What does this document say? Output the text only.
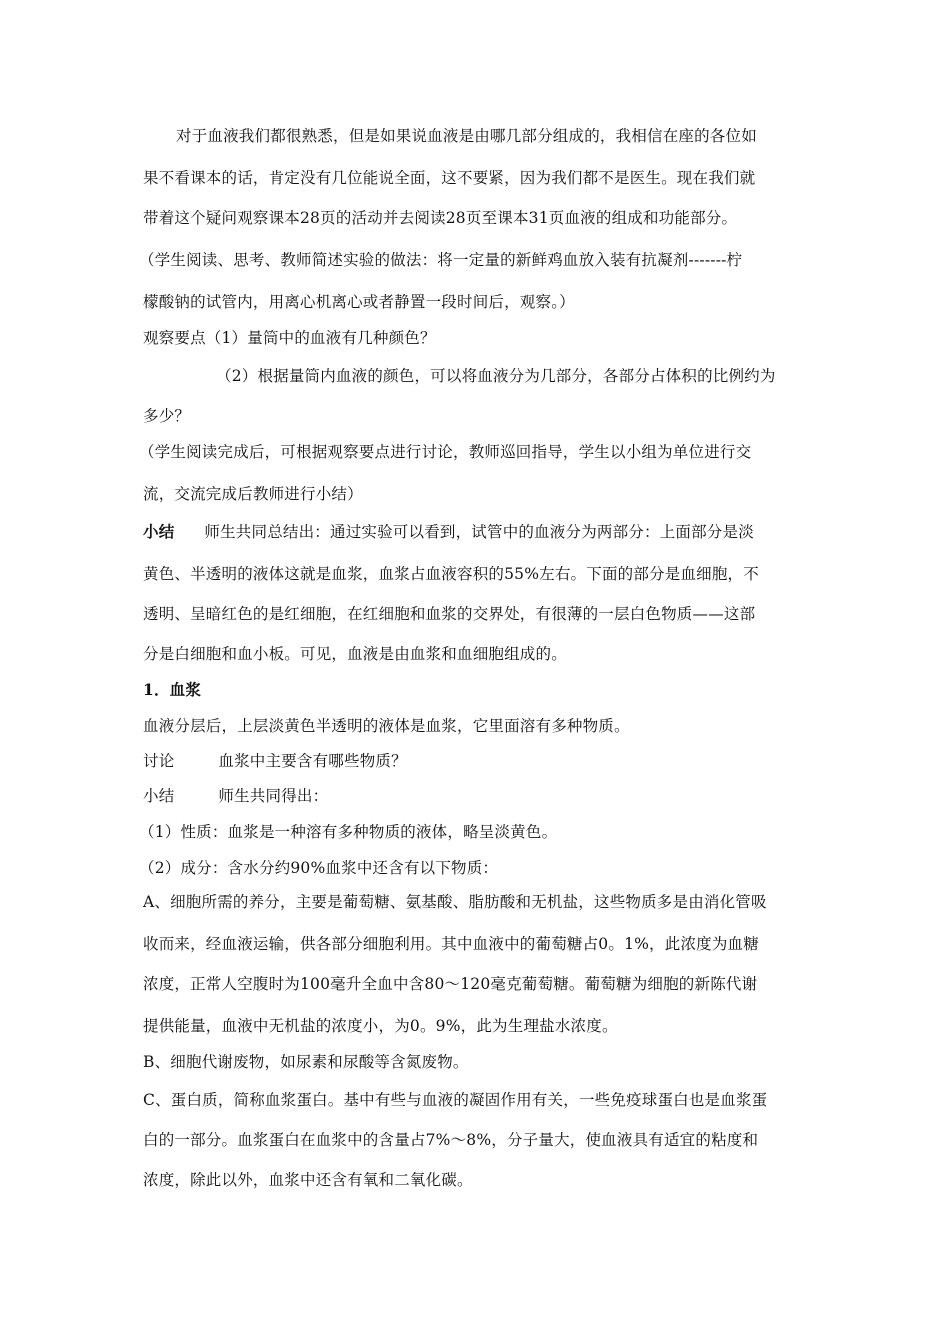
对于血液我们都很熟悉，但是如果说血液是由哪几部分组成的，我相信在座的各位如
果不看课本的话，肯定没有几位能说全面，这不要紧，因为我们都不是医生。现在我们就
带着这个疑问观察课本28页的活动并去阅读28页至课本31页血液的组成和功能部分。
（学生阅读、思考、教师简述实验的做法：将一定量的新鲜鸡血放入装有抗凝剂-------柠
檬酸钠的试管内，用离心机离心或者静置一段时间后，观察。）
观察要点（1）量筒中的血液有几种颜色？
（2）根据量筒内血液的颜色，可以将血液分为几部分，各部分占体积的比例约为
多少？
（学生阅读完成后，可根据观察要点进行讨论，教师巡回指导，学生以小组为单位进行交
流，交流完成后教师进行小结）
小结 师生共同总结出：通过实验可以看到，试管中的血液分为两部分：上面部分是淡
黄色、半透明的液体这就是血浆，血浆占血液容积的55%左右。下面的部分是血细胞，不
透明、呈暗红色的是红细胞，在红细胞和血浆的交界处，有很薄的一层白色物质——这部
分是白细胞和血小板。可见，血液是由血浆和血细胞组成的。
1．血浆
血液分层后，上层淡黄色半透明的液体是血浆，它里面溶有多种物质。
讨论	血浆中主要含有哪些物质？
小结	师生共同得出：
（1）性质：血浆是一种溶有多种物质的液体，略呈淡黄色。
（2）成分：含水分约90%血浆中还含有以下物质：
A、细胞所需的养分，主要是葡萄糖、氨基酸、脂肪酸和无机盐，这些物质多是由消化管吸
收而来，经血液运输，供各部分细胞利用。其中血液中的葡萄糖占0。1%，此浓度为血糖
浓度，正常人空腹时为100毫升全血中含80～120毫克葡萄糖。葡萄糖为细胞的新陈代谢
提供能量，血液中无机盐的浓度小，为0。9%，此为生理盐水浓度。
B、细胞代谢废物，如尿素和尿酸等含氮废物。
C、蛋白质，简称血浆蛋白。基中有些与血液的凝固作用有关，一些免疫球蛋白也是血浆蛋
白的一部分。血浆蛋白在血浆中的含量占7%～8%，分子量大，使血液具有适宜的粘度和
浓度，除此以外，血浆中还含有氧和二氧化碳。
